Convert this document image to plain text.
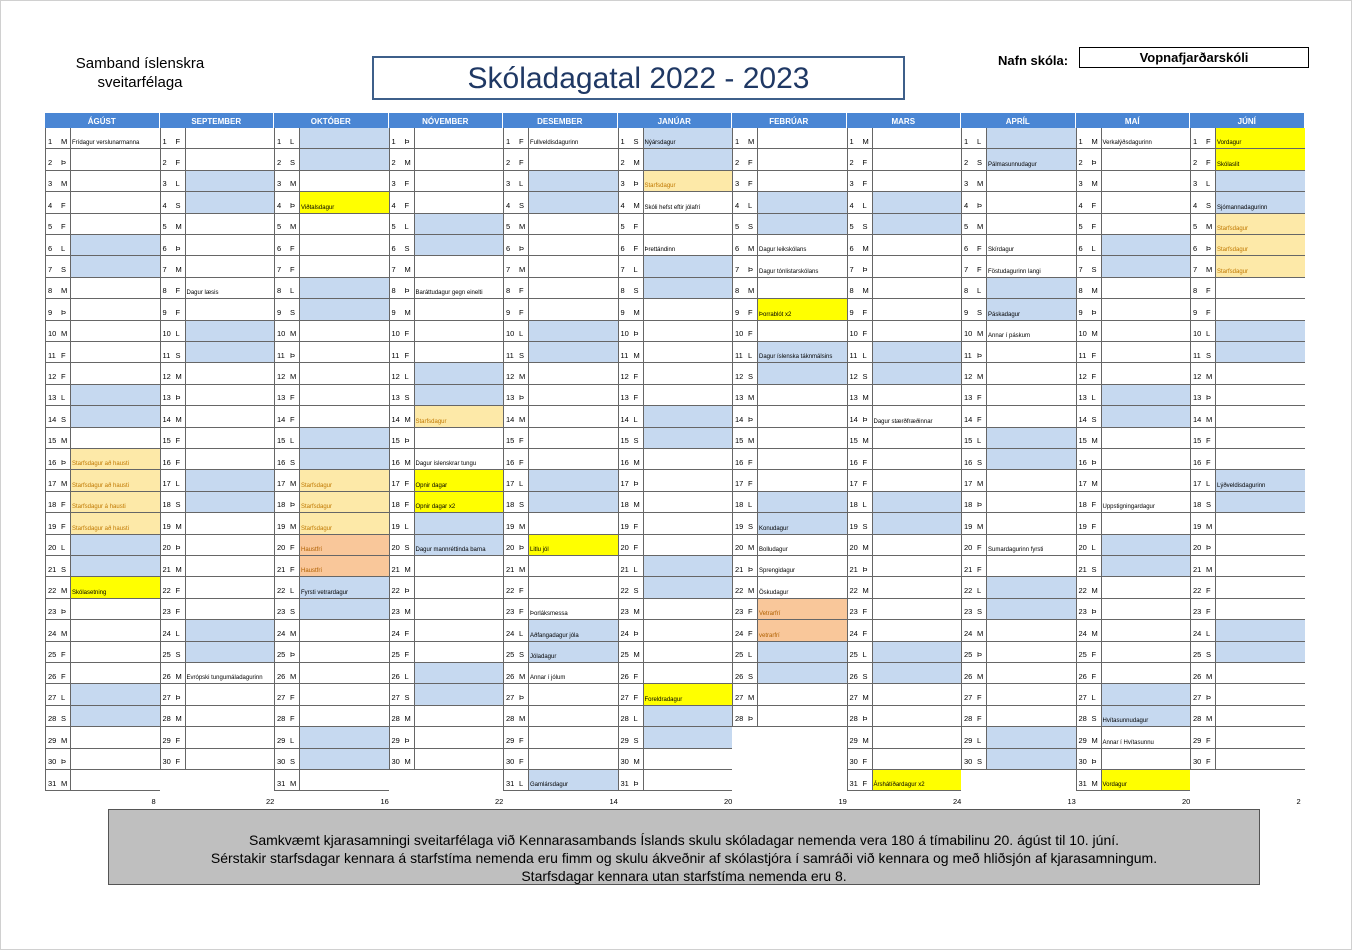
Samband íslenskra
sveitarfélaga	Skóladagatal 2022 - 2023
Nafn skóla:	Vopnafjarðarskóli
ÁGÚST
1	M Frídagur verslunarmanna
2	Þ
3	M
4	F
5	F
6	L
7	S
8	M
9	Þ
10 M
11 F
12 F
13 L
14 S
15 M
16 Þ Starfsdagur að hausti
17 M Starfsdagur að hausti
18 F	Starfsdagur á hausti
19 F	Starfsdagur að hausti
20 L
21 S
22 M Skólasetning
23 Þ
24 M
25 F
26 F
27 L
28 S
29 M
30 Þ
31 M
8
SEPTEMBER
1	F
2	F
3	L
4	S
5	M
6	Þ
7	M
8	F	Dagur læsis
9	F
10 L
11 S
12 M
13 Þ
14 M
15 F
16 F
17 L
18 S
19 M
20 Þ
21 M
22 F
23 F
24 L
25 S
26 M Evrópski tungumáladagurinn
27 Þ
28 M
29 F
30 F
22
OKTÓBER
1	L
2	S
3	M
4	Þ Viðtalsdagur
5	M
6	F
7	F
8	L
9	S
10 M
11 Þ
12 M
13 F
14 F
15 L
16 S
17 M Starfsdagur
18 Þ Starfsdagur
19 M Starfsdagur
20 F	Haustfrí
21 F	Haustfrí
22 L	Fyrsti vetrardagur
23 S
24 M
25 Þ
26 M
27 F
28 F
29 L
30 S
31 M
16
NÓVEMBER
1	Þ
2	M
3	F
4	F
5	L
6	S
7	M
8	Þ Baráttudagur gegn einelti
9	M
10 F
11 F
12 L
13 S
14 M Starfsdagur
15 Þ
16 M Dagur íslenskrar tungu
17 F	Opnir dagar
18 F	Opnir dagar x2
19 L
20 S Dagur mannréttinda barna
21 M
22 Þ
23 M
24 F
25 F
26 L
27 S
28 M
29 Þ
30 M
22
DESEMBER
1	F	Fullveldisdagurinn
2	F
3	L
4	S
5	M
6	Þ
7	M
8	F
9	F
10 L
11 S
12 M
13 Þ
14 M
15 F
16 F
17 L
18 S
19 M
20 Þ Litlu jól
21 M
22 F
23 F	Þorláksmessa
24 L	Aðfangadagur jóla
25 S Jóladagur
26 M Annar í jólum
27 Þ
28 M
29 F
30 F
31 L	Gamlársdagur
14
JANÚAR
1	S Nýársdagur
2	M
3	Þ Starfsdagur
4	M Skóli hefst eftir jólafrí
5	F
6	F	Þrettándinn
7	L
8	S
9	M
10 Þ
11 M
12 F
13 F
14 L
15 S
16 M
17 Þ
18 M
19 F
20 F
21 L
22 S
23 M
24 Þ
25 M
26 F
27 F	Foreldradagur
28 L
29 S
30 M
31 Þ
20
FEBRÚAR
1	M
2	F
3	F
4	L
5	S
6	M Dagur leikskólans
7	Þ Dagur tónlistarskólans
8	M
9	F	Þorrablót x2
10 F
11 L	Dagur íslenska táknmálsins
12 S
13 M
14 Þ
15 M
16 F
17 F
18 L
19 S Konudagur
20 M Bolludagur
21 Þ Sprengidagur
22 M Öskudagur
23 F	Vetrarfrí
24 F	vetrarfrí
25 L
26 S
27 M
28 Þ
19
MARS
1	M
2	F
3	F
4	L
5	S
6	M
7	Þ
8	M
9	F
10 F
11 L
12 S
13 M
14 Þ Dagur stærðfræðinnar
15 M
16 F
17 F
18 L
19 S
20 M
21 Þ
22 M
23 F
24 F
25 L
26 S
27 M
28 Þ
29 M
30 F
31 F	Árshátíðardagur x2
24
APRÍL
1	L
2	S Pálmasunnudagur
3	M
4	Þ
5	M
6	F	Skírdagur
7	F	Föstudagurinn langi
8	L
9	S Páskadagur
10 M Annar í páskum
11 Þ
12 M
13 F
14 F
15 L
16 S
17 M
18 Þ
19 M
20 F	Sumardagurinn fyrsti
21 F
22 L
23 S
24 M
25 Þ
26 M
27 F
28 F
29 L
30 S
13
MAÍ
1	M Verkalýðsdagurinn
2	Þ
3	M
4	F
5	F
6	L
7	S
8	M
9	Þ
10 M
11 F
12 F
13 L
14 S
15 M
16 Þ
17 M
18 F	Uppstigningardagur
19 F
20 L
21 S
22 M
23 Þ
24 M
25 F
26 F
27 L
28 S Hvítasunnudagur
29 M Annar í Hvítasunnu
30 Þ
31 M Vordagur
20
JÚNÍ
1	F	Vordagur
2	F	Skólaslit
3	L
4	S Sjómannadagurinn
5	M Starfsdagur
6	Þ Starfsdagur
7	M Starfsdagur
8	F
9	F
10 L
11 S
12 M
13 Þ
14 M
15 F
16 F
17 L	Lýðveldisdagurinn
18 S
19 M
20 Þ
21 M
22 F
23 F
24 L
25 S
26 M
27 Þ
28 M
29 F
30 F
2
Samkvæmt kjarasamningi sveitarfélaga við Kennarasambands Íslands skulu skóladagar nemenda vera 180 á tímabilinu 20. ágúst til 10. júní.
Sérstakir starfsdagar kennara á starfstíma nemenda eru fimm og skulu ákveðnir af skólastjóra í samráði við kennara og með hliðsjón af kjarasamningum.
Starfsdagar kennara utan starfstíma nemenda eru 8.
